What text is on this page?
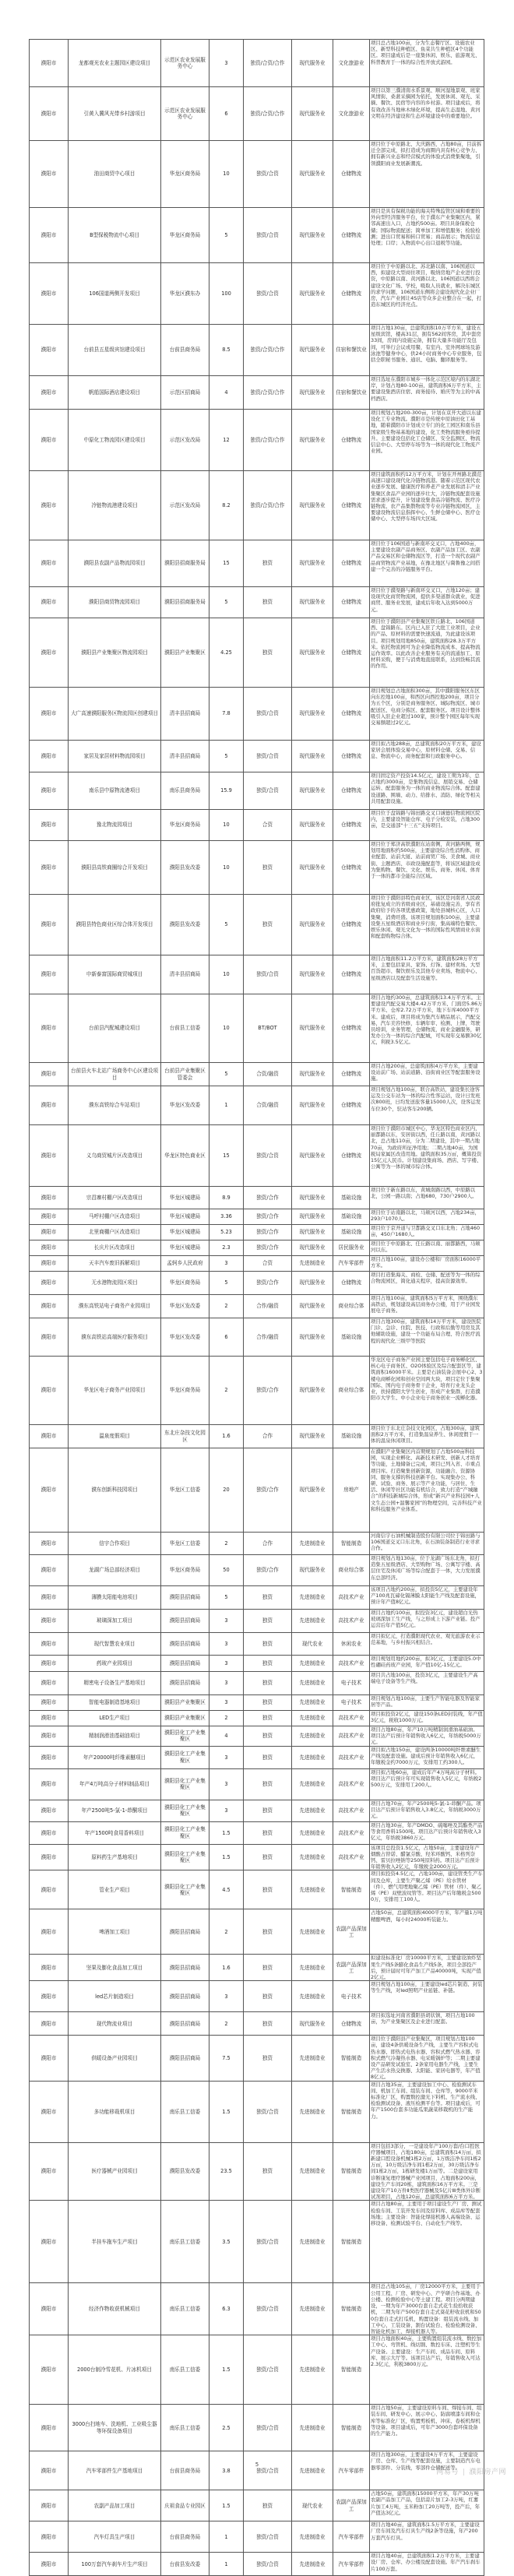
濮阳市	龙都观光农业主题园区建设项目	示范区农业发展服务中心	3	独资/合资/合作	现代服务业	文化旅游业	项目总占地100亩，分为生态餐厅区、设施农业区、新型科技种植区、鱼菜共生种植区4个功能区。项目建成后是一座集休闲、娱乐、旅游观光、科普教育于一体的综合性开放式游园。
濮阳市	引黄入冀风光带乡村游项目	示范区农业发展服务中心	6	独资/合资/合作	现代服务业	文化旅游业	项目以第三濮清南水系景观、顺河湿地景观、班家风情街、桑葚采摘园为依托，发展休闲、观光、采摘、餐饮、民宿等内容的乡村游。项目建成后，将有效改善当地林木绿化环境，提高生态湿地、黄河文明在经济建设和生态环境建设中的重要地位。
濮阳市	油田商贸中心项目	华龙区商务局	10	独资/合资	现代服务业	仓储物流	项目位于中原路北、大庆路西，占地80亩，目前拆迁全部完成，拟打造成为商圈内具有核心竞争力、拥有新兴业态和经营模式的体验式消费集聚地，引领濮阳商业发展新潮流。
濮阳市	B型保税物流中心项目	华龙区商务局	5	独资/合资	现代服务业	仓储物流	项目是具有保税功能的海关特殊监管区域和重要的外向型经济服务平台，位于濮东产业集聚区内，紧邻高速出入口，占地约500亩。项目具备保税仓储；国际物流配送；简单加工和增值服务；检验检测；进出口贸易和转口贸易；商品展示；物流信息处理；口岸；入物流中心出口退税等功能。
濮阳市	106国道两侧开发项目	华龙区濮东办	100	独资/合资	现代服务业	仓储物流	项目位于中原路以北、苏北路以南、106国道以西，拟建设大型商住项目，吸纳房地产企业进行投资，中原路以南、黄河路以北、106国道以西将会建设文化广场、学校，吸取人员就业，解决东城区的求学问题，106国道东侧将会建设现代化企业厂房，汽车产业园让4S店等众多企业整合在一起，打造东城区的经济亮点。
濮阳市	台前县五星级宾馆建设项目	台前县商务局	8.5	独资/合资/合作	现代服务业	住宿和餐饮业	项目占地130亩，总建筑面积10万平方米，建设五星级宾馆，楼高31层，拥有562间客房，其中套房33间，房间内设施完备，拥有大量多功能厅及包间，可举行会议或用餐，有室内、室外网球场及游泳池等健身中心，供24小时商务中心专业服务，包括全职秘书服务、通讯、电脑、翻译服务等。
濮阳市	帆船国际酒店建设项目	示范区招商局	4	独资/合资/合作	现代服务业	住宿和餐饮业	项目选址在濮阳市城乡一体化示范区境内的东湖北岸，计划占地80-100亩，建筑面积6万平方米，主要建设集酒店住宿、商务接待、婚庆等为主的中高档酒店。
濮阳市	中原化工物流园区建设项目	示范区发改局	12	独资/合资/合作	现代服务业	仓储物流	项目规划占地200-300亩，计划在京开大道以东建设化工专业物流。濮阳市是传统中原油田化工基地，随着濮阳市计划成立专门的化工园区和南乐县国家级生物基基地的建设，化工类物流服务亟待提升。主要建设包括化工仓储区、安全监测区、物流信息中心、大型停车场等为一体的现代化工物流产业园。
濮阳市	冷链物流港建设项目	示范区发改局	8.2	独资/合资/合作	现代服务业	仓储物流	项目建筑面积约12万平方米，计划在开州路北濮范高速口建设现代化冷链物流港。随着示范区现代农业逐步发展、健康医疗和养老产业发展和清丰产业集聚区食品产业园的逐步壮大，冷链物流配套设施需求逐步提升，计划建设集食品冷链物流、医疗冷链物流、农产品集散物流等专业冷链物流园区，主要建设物流信息指挥中心、生鲜仓储中心、医疗仓储中心、大型停车场四大区域。
濮阳市	濮阳县农副产品物流园项目	濮阳县招商服务局	15	独资	现代服务业	仓储物流	项目位于106国道与新南环交叉口，占地400亩，主要建设农副产品商务区、农副产品加工区、农副产品交易区和仓储物流区等，打造一个现代农副产品商贸物流产业基地，在豫北地区与冀鲁豫之间搭建一个完善的冷链服务平台。
濮阳市	濮阳县商贸物流园项目	濮阳县招商服务局	5	独资	现代服务业	仓储物流	项目位于濮渠路与新南环交叉口，占地120亩；建设现代化商贸物流园，提供多渠道群众就业，促进商贸、服务业发展，建成后年收入达到5000万元。
濮阳市	濮阳县产业集聚区物流园项目	濮阳县产业集聚区	4.25	独资	现代服务业	仓储物流	项目位于濮阳县产业集聚区铁丘路北、106国道西、盘锦路东。区内已入驻了大批工业项目，企业的产品、原材料的需要快速流通，为此建设该项目。项目规划用地850亩，建筑面积28.3万平方米。依托物流园可为企业降低物流成本、提高物流运作效率。以此改善企业服务有关的流通加工、原材料采购，便于与消费地直接联系，达到货畅其流的作用。
濮阳市	大广高速濮阳服务区物流园区创建项目	清丰县招商局	7.8	独资/合资	现代服务业	仓储物流	项目规划总占地面积300亩，其中濮阳服务区东区向东控地100亩，和西区向西控地200亩，项目分为五个区，分别是商务服务区、城际物流区、城市配送区、电商分拣区、配套服务区。项目设计整体吸引入驻企业超过100家，预计整个园区每年实现交易额超过2亿元。
濮阳市	家居及家居材料物流园项目	清丰县招商局	5	独资/合资	现代服务业	仓储物流	项目拟占地288亩，总建筑面积20万平方米，建设家居会展体验交易中心，原材料仓储、交易、信息、物流中心，商务配套和行政服务中心。
濮阳市	南乐县中原物流港项目	南乐县商务局	15.9	独资/合资	现代服务业	仓储物流	项目固定资产投资14.5亿元，建设工期为3年，总占地约3000亩，是集物流信息、展销交易、仓储运转、配套服务为一体的商业物流综合体。配套建设道路、围墙、动力、给排水、消防、绿化等相关共用配套设施。
濮阳市	豫北物流园项目	华龙区商务局	10	合资	现代服务业	仓储物流	项目位于盘锦路与锦田路交叉口诚德信物流园区院内，主要建设智能仓库、电子分检安装，占地300亩，是交通部“十三五”支持项目。
濮阳市	濮阳县高铁商圈综合开发项目	濮阳县发改委	10	独资	现代服务业	仓储物流	项目位于郑济高铁濮阳东站南侧，黄河路两侧，规划用地面积约500亩，主要建设综合性消购体、商业配套、站前大厦、站前商贸广场、美食城、商业街、主题酒店、市政设施配套等，将该区域建设成为集购物、餐饮、文化、娱乐、商务、休闲、体育于一体的都市全能综合区域。
濮阳市	濮阳县特色商业区综合体开发项目	濮阳县发改委	5	独资	现代服务业	仓储物流	项目位于濮阳县特色商业区，该区是河南省人民政府批复成立的省级商业区，基础设施完善，享有省政府给予的各项优惠政策，地处县城核心区，人口集聚，消费旺盛。该项目规划面积100亩，主要建设集五星级酒店和商业步行街，集高端特色餐饮、娱乐休闲、观光文化为一体的国际性风情商业水街和配套购物综合体。
濮阳市	申新泰富国际商贸城项目	清丰县招商局	10	独资/合资	现代服务业	仓储物流	项目占地面积11.2万平方米，建筑面积28万平方米，主要包括家具、家饰、灯饰、建材卖场、大型百货超市、餐饮娱乐及其他专业卖场、物流中心、星级酒店以及配套生活设施等。
濮阳市	台前县汽配城建设项目	台前县工信委	10	BT/BOT	现代服务业	仓储物流	项目占地约300亩，总建筑面积13.4万平方米。主要建设汽配交易大楼4.42万平方米、门面房5.86万平方米、仓库2.72万平方米，地下车库4000平方米。建成后，项目将成为集汽车精品展示，汽配交易，汽车美容快修，车辆年审、检测、上牌，驾驶员培训，业务管理，仓储物流，商业金融服务，研发办公为一体的综合汽配城，可实现年交易额30亿元，利税3.5亿元。
濮阳市	台前县火车北站广场商务中心区建设项目	台前县产业集聚区管委会	5	合资/融资	现代服务业	仓储物流	项目占地200亩，总建筑面积4万平方米，主要建设站前广场、站前道路、沿街商业区等配套服务设施。
濮阳市	濮东高铁综合车站项目	华龙区发改委	1	合资/融资	现代服务业	仓储物流	项目规划占地100亩，联合高铁站，建设集长途客运及公交车站为一体的综合性客运站，设计日发班次800班，日均发送旅客量15000人次，设客运发车位30个，驻站客车200辆。
濮阳市	义乌商贸城片区改造项目	华龙区特色商业区	15	独资/合资	现代服务业	仓储物流	项目位于濮阳市城区中心，华龙区特色商业区内，丽都路以东，安居街以西，任丘路以南，黄河路以北，总占地110亩，分为二期建设，其中一期占地70亩，为政府所征净用地；二期占地40亩，为国税局家属区改造用地。建筑面积35万㎡，概算投资15亿元人民币。计划建设集商场、酒店、写字楼、公寓等为一体的城市综合体。
濮阳市	宗昌寨村棚户区改造项目	华龙区城建局	8.9	独资/合作	现代服务业	基础设施	项目位于新东路以东，黄城南路以西，中原路以北，公园一路以南；占地680，730户2900人。
濮阳市	马呼村棚户区改造项目	华龙区城建局	3.36	独资/合作	现代服务业	基础设施	项目位于站南路以北，马颊河以西，占地234亩，293户1070人。
濮阳市	北里商棚户区改造项目	华龙区城建局	5.23	独资/合作	现代服务业	基础设施	项目位于京开道与卫都路交叉口东北角；占地460亩，450户1680人。
濮阳市	长庆片区改造项目	华龙区城建局	2.3	独资/合作	现代服务业	居民服务业	项目位于中原路北、任丘路以南、丽都路西，马颊河以东。
濮阳市	天丰汽车废旧拆解项目	孟轲乡人民政府	3	合资	先进制造业	汽车零部件	项目占地100亩，建设办公楼和厂房面积16000平方米。
濮阳市	无水港物流园区项目	华龙区商务局	5	独资/合作	现代服务业	仓储物流	项目打造集海关、商检、仓储、配送等为一体的综合物流园区，简化通关程序，提高资源效率。
濮阳市	濮东高铁站电子商务产业园项目	华龙区发改委	2	合作/融资	现代服务业	商业综合体	项目占地100亩，建筑面积5万平方米，围绕濮东高铁站，规划建设高层商务办公楼，用于产业园发展电子商务。
濮阳市	濮东高铁站高端医疗服务项目	华龙区发改委	6	合作/融资	现代服务业	基础设施	项目占地300亩，建筑面积14万平方米，建设医院门诊、急诊、住院、医技、行政和后勤等用房及其他辅助设施，建设一个功能布局合理、符合医疗流程的现代化三级甲等医院
濮阳市	华龙区电子商务产业园项目	华龙区商务局	2	独资/合作	现代服务业	商业综合体	华龙区电子商务产业园主要包括电子商务孵化区、核心电子商务区、O2O体验区及综合配套区等，建筑面积16000平米。主要是石油装备会展中心2、3楼电商孵化园和创业空间两大块，项目定位于集聚国际、国内电子商务骨干企业，培育行业龙头企业，扶持濮阳大学生创业，形成产业集群，打造濮阳市大学生、中小企业电子商务创业一流孵化器。
濮阳市	温泉度假项目	东北庄杂技文化园区	1.6	合作	现代服务业	基础设施	项目位于东北庄杂技文化园区，占地300亩，建筑面积2万平方米，打造集温泉养生、休闲度假于一体的温泉休闲项目。
濮阳市	濮东创新科技园项目	华龙区工信委	20	独资/合作	现代服务业	房地产	在濮阳产业集聚区内首期规划了占地500亩科技园，实现企业孵化、高新技术研发、创新人才培育等功能，土地储备已完成，项目已列入省、市重点项目库。打造聚集创新资源，功能融合、资源协同、服务支撑的科技创新平台。实现集办公、科研、试验、商务、展示等产业功能，与居住、生活、休闲等社区功能有机结合，致力打造“产城融合”的科技新城综合体，形成“新兴产业科技园+人文生态公园+温馨家园”的物理空间，完善科技产业和科技服务产业体系。
濮阳市	信宇合作项目	华龙区工信委	2	合作	先进制造业	智能制造	河南信宇石油机械制造股份有限公司位于锦田路与106国道交叉口东北角，在石油装备制造行业寻求合作。
濮阳市	龙湖广场总部经济项目	华龙区商务局	50	独资/合作	现代服务业	商业综合体	项目规划占地130亩，位于龙湖广场东北角，拟打造集五星级酒店、大型购物广场、公寓写字楼、高层住宅及休闲广场等综合配套于一体，大力发展濮东总部经济。
濮阳市	薄膜太阳能电池项目	濮阳县招商局	5	独资	先进制造业	高技术产业	该项目占地约200亩，拟投资5亿元，主要建设年产100兆瓦碲化镉薄膜太阳能生产线及配套设施，预计年产值8亿元。
濮阳市	玻璃深加工项目	濮阳县招商局	3	独资	先进制造业	高技术产业	项目占地约100亩，拟投资3亿元，建设超白光热玻璃深加工生产线，与之形成上下游产业链。投产运营后年产值5亿元。
濮阳市	现代智慧农业项目	濮阳县招商局	3	独资	现代农业	休闲农业	项目拟亿元，打造濮阳现代农业、观光旅游农业示范基地，与乡村振兴相结合。
濮阳市	药玻产业园项目	濮阳县招商局	3	独资	先进制造业	高技术产业	项目规划用地约200亩，拟3亿元，主要建设5.0中性硼硅药玻产业园，年产值10亿-15亿元。
濮阳市	精密电子设备生产基地项目	濮阳县招商局	3	独资	先进制造业	电子技术	项目共占地100亩，投资3亿元，主要建设生产高端电子设备等生产线。
濮阳市	智能电器制造基地项目	濮阳县产业集聚区	3	独资	先进制造业	电子技术	项目规划占地100亩，主要生产智能电器及智能家居等产品。
濮阳市	LED生产项目	濮阳县产业集聚区	2	独资	先进制造业	高技术产业	项目拟投资2亿元，建设150条LED封装线，年产值3亿元，税收1000万元。
濮阳市	精制润滑油基础油项目	濮阳县化工产业集聚区	4	独资	先进制造业	高技术产业	项目占地80亩，年产10万吨精制润滑油基础油。项目达产后预计年销售收入6亿元，年纳税5000万元。
濮阳市	年产20000吨纤维素醚项目	濮阳县化工产业集聚区	3	独资	先进制造业	高技术产业	项目拟占地150亩，建设两条10000吨纤维素醚生产线及配套设施。建成后预计年销售收入6亿元，年缴税金约7000万元，安排用工约300人。
濮阳市	年产4万吨高分子材料制品项目	濮阳县化工产业集聚区	3	独资	先进制造业	高技术产业	项目拟占地60亩，建成后年产4万吨高分子材料。项目达产后预计年可实现销售收入5亿元，年纳税2500万元，安排用工200人。
濮阳市	年产2500吨5-氯-1-茚酮项目	濮阳县化工产业集聚区	3	独资	先进制造业	高技术产业	项目占地70亩，年产2500吨5-氯-1-茚酮产品。项目达产后预计年销售收入3.8亿元，年纳税3000万元。
濮阳市	年产1500吨食用香料项目	濮阳县化工产业集聚区	1.5	独资	先进制造业	高技术产业	项目占地30亩，年产DMDO、硫噻唑及其酯类产品等食用香料1500吨。项目达产后预计年销售收入3亿元，年纳税3860万元。
濮阳市	原料药生产基地项目	濮阳县化工产业集聚区	1.5	独资	先进制造业	高技术产业	该项目总投资1.5亿元，占地50亩，主要建设年产烟酸占替诺、醋氯芬酸、羟苯环酸钙、米格列奈钙、雷贝拉唑钠等250吨原料药。项目达产后预计年销售收入2亿元，年缴税金2000万元。
濮阳市	管业生产项目	濮阳县化工产业集聚区	4.5	独资	先进制造业	智能制造	项目拟投资4.5亿元，占地100亩，建设管类生产车间及仓库，主要生产聚乙烯（PE）给水管材（件）、燃气用埋地聚乙烯（PE）管材（件）、聚乙烯（PE）双壁波纹管等。项目达产后年缴税金5000万，安排用工100人。
濮阳市	啤酒加工项目	濮阳县招商局	2	独资	先进制造业	农副产品深加工	占地50亩，总建筑面积4000平方米，年产量1万吨精酿啤酒，每小时24000听装能力。
濮阳市	坚果及膨化食品加工项目	濮阳县招商局	1.6	独资	先进制造业	农副产品深加工	拟建设标准化厂房10000平方米，主要建设油炸坚果生产线5条膨化食品生产线5条，项目全部投产后，预计届时可年产加工产品40000吨，实现产值2亿元。
濮阳市	led芯片制造项目	濮阳县招商局	3	独资	先进制造业	电子技术	项目规划占地100亩，主要建设led芯片制造、封装等生产线，对led照明产业延链、补链。
濮阳市	现代物流业项目	濮阳县招商局	2	独资	现代服务业	仓储物流	项目拟选址河南省濮阳县胡状镇，项目占地100亩，为产业集聚区及企业进行配套。
濮阳市	供暖设备产业园项目	濮阳县招商局	7.5	独资	先进制造业	智能制造	项目位于濮阳县产业集聚区，项目规划占地100亩，建设4条供暖设备生产线，主要生产容积式电热水器、即热式电热水器、容积式燃气热水器、容积式燃气冷凝热水器、电采暖锅炉等；二期主要建设产品研发试验室、2条家用电器生产线，主要生产生活水热交换器、太阳能、家居电器等，年产值8亿元。
濮阳市	多功能移栽机项目	南乐县工信委	1.5	独资/合资	先进制造业	智能制造	项目占地35亩，主要建设加工中心、检验测试车间、机加工车间、组装车间、仓库等，9000平米标准化厂区，购置数控激光下料机、生产流水线、检验测试设备、液压检测平台等。项目建成后，可年产1500台套多功能瓜果蔬菜移栽机的生产能力。
濮阳市	医疗器械产业园项目	濮阳县发改委	23.5	独资	先进制造业	智能制造	项目包括3部分，一是建设年产100万套/台口腔医疗器械项目，占地180亩，总建筑面积14万㎡，拟新建口腔设备机械1栋2万㎡，1万级洁净车间1栋2万㎡，10万级洁净车间1栋2万㎡，30万级洁净车间1栋2万㎡，1栋研发楼1万㎡等。二是建设家用诊断康复理疗器械产业园项目，占地面积200亩，建设生产车间20栋，建筑面积16万平方米。三是建设年产10万件Ⅱ类医疗器械及5亿片Ⅲ类体外诊断试剂项目，占地120亩，总建筑面积6万平方米。
濮阳市	半挂车拖车生产项目	南乐县工信委	3.5	独资/合资	先进制造业	智能制造	项目占地80亩，主要用于项目建设生产厂房、测试检验车间、工装开发车间及原料库、成品库等配套场地；主要设备：智能化焊接机器人高端设备、运移设备、检测试验平台、自动化生产线等。
濮阳市	经济作物收获机械项目	南乐县工信委	6.3	独资/合资	先进制造业	智能制造	项目总占地105亩，厂房12000平方米，主要用于公用工程、厂房、研发中心、产学研合作基地、办公楼、检测检验中心等土建工程。项目分两期建设，一期为年产3000台套自走式花生捡拾收获机，二期为年产500台套自走式葵花籽收获机和500台套自走式打瓜机，购置设备：组装流水线、加工中心、工装设备、割台试验台、检验检测设备、智能化机加工、焊接机器人等。
濮阳市	2000台制冷雪花机、片冰机项目	南乐县工信委	1.5	独资/合资	先进制造业	智能制造	项目占地面积40亩，主要购置组装流水线、数控加工中心、弯管机、线切割、数控车床、注塑机等生产设备。主要建设：生产车间、成品车间、原料库、展示大厅等。该项目达产后，年销售收入可达2.3亿元，利税3800万元。
濮阳市	3000台扫地车、洗地机、工业吸尘器等环保设备项目	南乐县工信委	2.5	独资/合资	先进制造业	智能制造	项目占地50亩，主要建设原料车间、焊接车间、组装车间、研发中心、展示中心、防腐喷漆车间和仓库等标准化厂区，购置剪板机、冲床、卷板机焊机等设备。项目建成后，可年产3000台套环保设备的生产能力。
濮阳市	汽车零部件生产基地项目	台前县商务局	3.8	独资/合资	先进制造业	汽车零部件	项目占地300亩，主要建设4万平方米，主要建设厂房、仓库、生产线等配套设施，主要制造汽车电器零部件、分装线，零部件仓储配送等。
濮阳市	农副产品加工项目	庆祖食品专业园区	1.5	独资	现代农业	农副产品深加工	占地50亩，建筑面积15000平方米，年产30万吨农副产品加工产品，包括蒜片加工2-3万吨，红薯片加工4万吨，玉米粉加工20万吨等，投产后，年产值达3亿元。
濮阳市	汽车灯具生产项目	台前县商务局	1	独资/合资	先进制造业	汽车零部件	项目占地40亩，建筑面积1.5万平方米，主要建设厂房车间及汽车灯具生产线2条等设施，年产200万套汽车灯具。
濮阳市	100万套汽车刹车片生产项目	台前县发改委	1	独资/合资	先进制造业	汽车零部件	项目占地40亩，总建筑面积1.2万平方米，主要建设厂房、仓库、办公楼及配套设施。年产汽车刹车片100万套。
5
网易号 | 濮阳房产网
